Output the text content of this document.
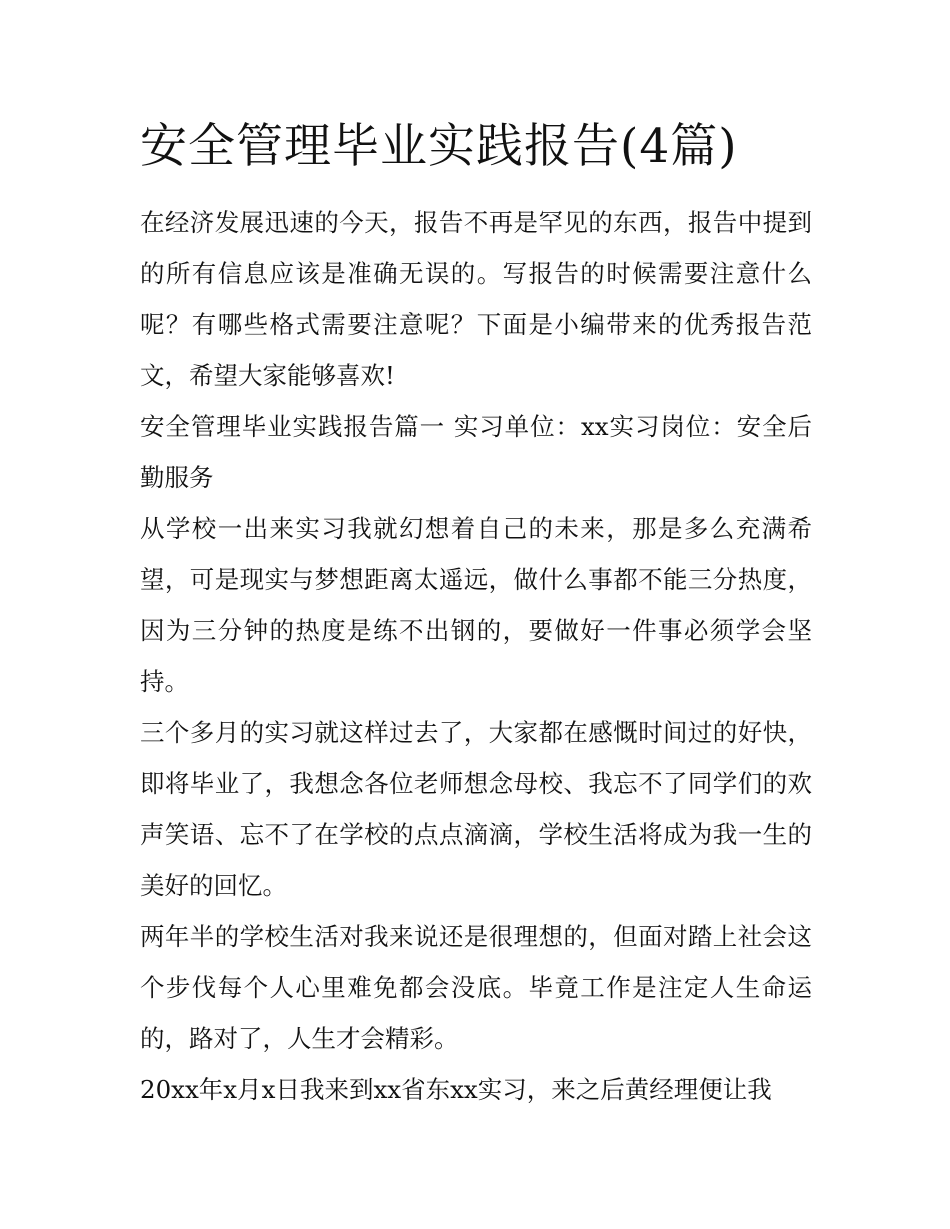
安全管理毕业实践报告(4篇)

在经济发展迅速的今天，报告不再是罕见的东西，报告中提到的所有信息应该是准确无误的。写报告的时候需要注意什么呢？有哪些格式需要注意呢？下面是小编带来的优秀报告范文，希望大家能够喜欢!

安全管理毕业实践报告篇一 实习单位：xx实习岗位：安全后勤服务

从学校一出来实习我就幻想着自己的未来，那是多么充满希望，可是现实与梦想距离太遥远，做什么事都不能三分热度，因为三分钟的热度是练不出钢的，要做好一件事必须学会坚持。

三个多月的实习就这样过去了，大家都在感慨时间过的好快，即将毕业了，我想念各位老师想念母校、我忘不了同学们的欢声笑语、忘不了在学校的点点滴滴，学校生活将成为我一生的美好的回忆。

两年半的学校生活对我来说还是很理想的，但面对踏上社会这个步伐每个人心里难免都会没底。毕竟工作是注定人生命运的，路对了，人生才会精彩。

20xx年x月x日我来到xx省东xx实习，来之后黄经理便让我
